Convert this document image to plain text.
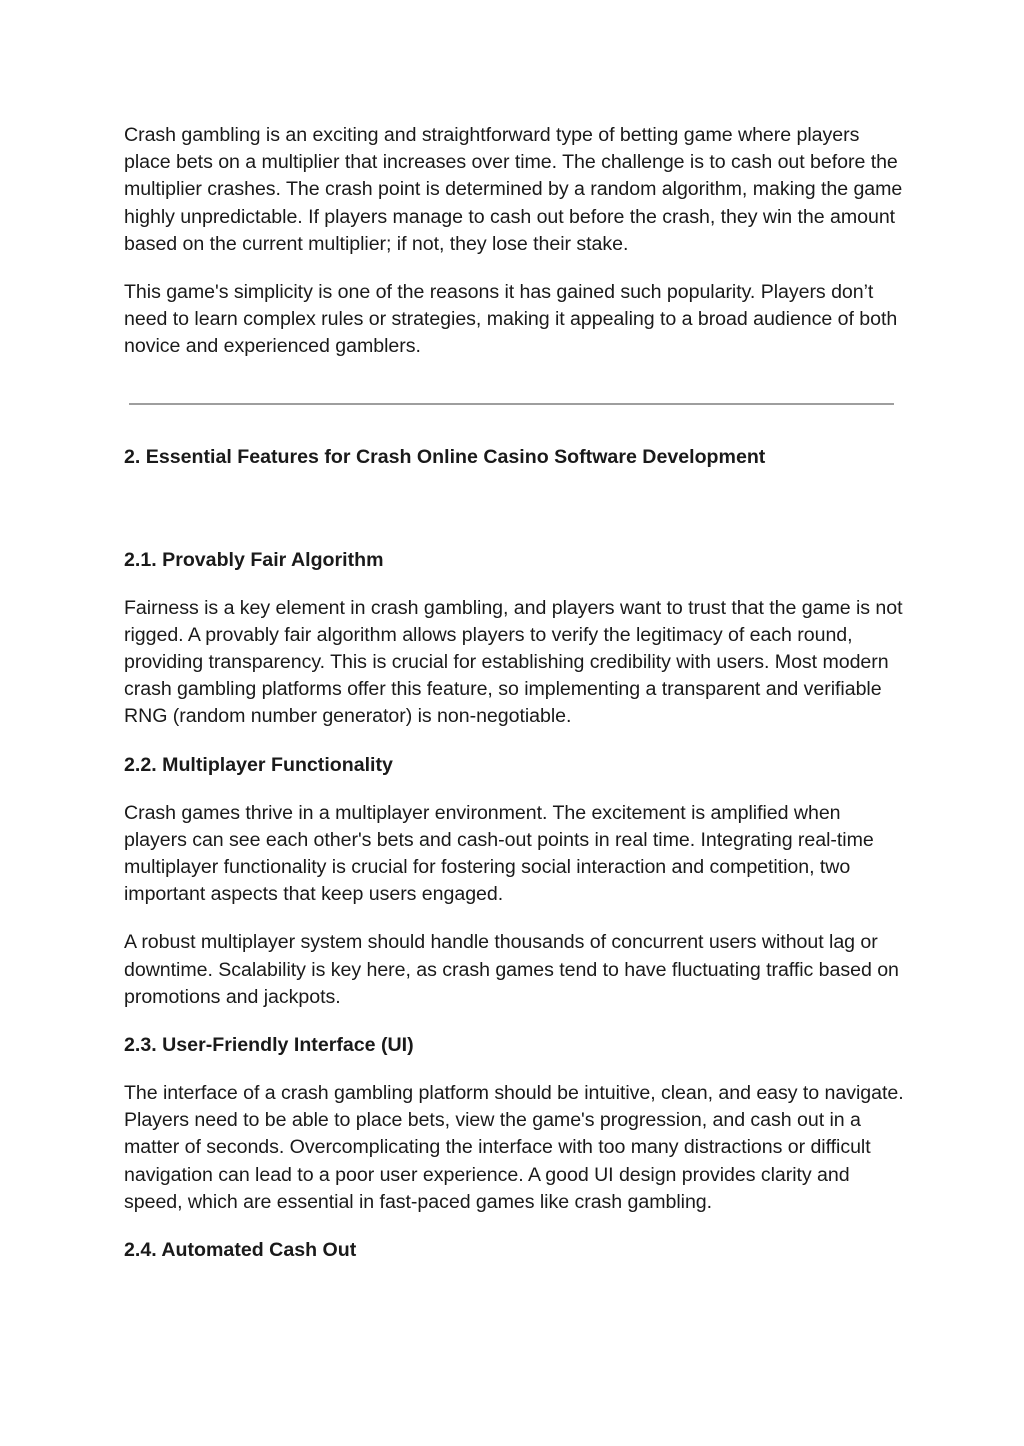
Crash gambling is an exciting and straightforward type of betting game where players place bets on a multiplier that increases over time. The challenge is to cash out before the multiplier crashes. The crash point is determined by a random algorithm, making the game highly unpredictable. If players manage to cash out before the crash, they win the amount based on the current multiplier; if not, they lose their stake.

This game's simplicity is one of the reasons it has gained such popularity. Players don’t need to learn complex rules or strategies, making it appealing to a broad audience of both novice and experienced gamblers.

2. Essential Features for Crash Online Casino Software Development
2.1. Provably Fair Algorithm

Fairness is a key element in crash gambling, and players want to trust that the game is not rigged. A provably fair algorithm allows players to verify the legitimacy of each round, providing transparency. This is crucial for establishing credibility with users. Most modern crash gambling platforms offer this feature, so implementing a transparent and verifiable RNG (random number generator) is non-negotiable.

2.2. Multiplayer Functionality

Crash games thrive in a multiplayer environment. The excitement is amplified when players can see each other's bets and cash-out points in real time. Integrating real-time multiplayer functionality is crucial for fostering social interaction and competition, two important aspects that keep users engaged.

A robust multiplayer system should handle thousands of concurrent users without lag or downtime. Scalability is key here, as crash games tend to have fluctuating traffic based on promotions and jackpots.

2.3. User-Friendly Interface (UI)

The interface of a crash gambling platform should be intuitive, clean, and easy to navigate. Players need to be able to place bets, view the game's progression, and cash out in a matter of seconds. Overcomplicating the interface with too many distractions or difficult navigation can lead to a poor user experience. A good UI design provides clarity and speed, which are essential in fast-paced games like crash gambling.

2.4. Automated Cash Out
